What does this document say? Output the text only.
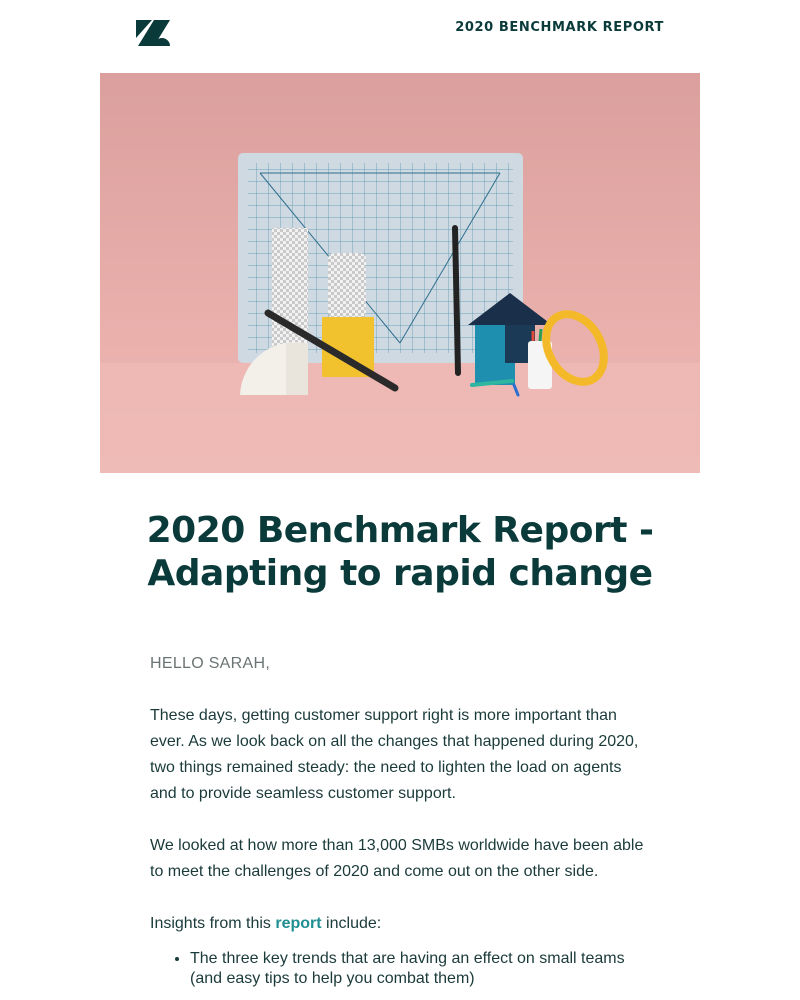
2020 BENCHMARK REPORT
2020 Benchmark Report -
Adapting to rapid change

HELLO SARAH,

These days, getting customer support right is more important than ever. As we look back on all the changes that happened during 2020, two things remained steady: the need to lighten the load on agents and to provide seamless customer support.

We looked at how more than 13,000 SMBs worldwide have been able to meet the challenges of 2020 and come out on the other side.

Insights from this report include:

• The three key trends that are having an effect on small teams (and easy tips to help you combat them)
